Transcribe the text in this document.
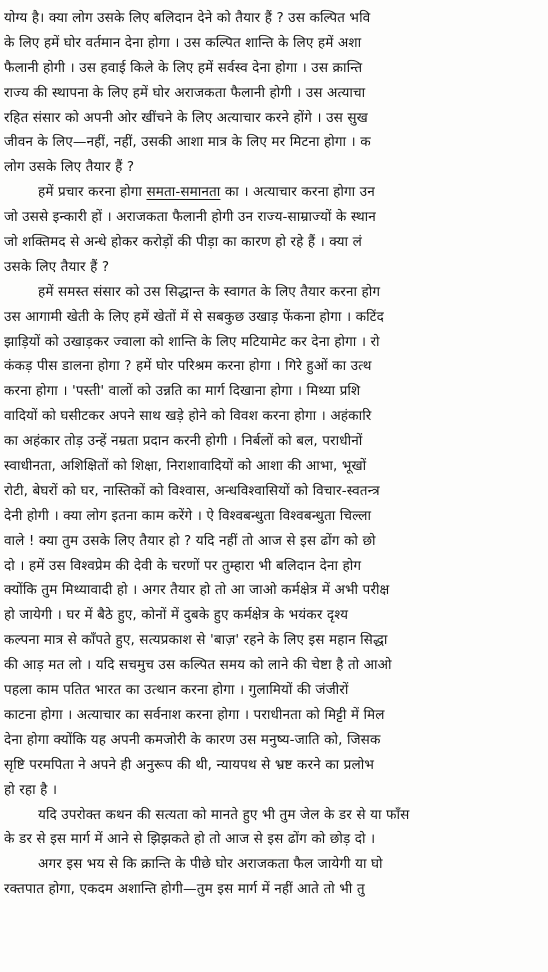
योग्य है। क्या लोग उसके लिए बलिदान देने को तैयार हैं ? उस कल्पित भवि
के लिए हमें घोर वर्तमान देना होगा । उस कल्पित शान्ति के लिए हमें अशा
फैलानी होगी । उस हवाई किले के लिए हमें सर्वस्व देना होगा । उस क्रान्ति
राज्य की स्थापना के लिए हमें घोर अराजकता फैलानी होगी । उस अत्याचा
रहित संसार को अपनी ओर खींचने के लिए अत्याचार करने होंगे । उस सुख
जीवन के लिए—नहीं, नहीं, उसकी आशा मात्र के लिए मर मिटना होगा । क
लोग उसके लिए तैयार हैं ?
हमें प्रचार करना होगा समता-समानता का । अत्याचार करना होगा उन
जो उससे इन्कारी हों । अराजकता फैलानी होगी उन राज्य-साम्राज्यों के स्थान
जो शक्तिमद से अन्धे होकर करोड़ों की पीड़ा का कारण हो रहे हैं । क्या लं
उसके लिए तैयार हैं ?
हमें समस्त संसार को उस सिद्धान्त के स्वागत के लिए तैयार करना होग
उस आगामी खेती के लिए हमें खेतों में से सबकुछ उखाड़ फेंकना होगा । कटिंद
झाड़ियों को उखाड़कर ज्वाला को शान्ति के लिए मटियामेट कर देना होगा । रो
कंकड़ पीस डालना होगा ? हमें घोर परिश्रम करना होगा । गिरे हुओं का उत्थ
करना होगा । 'पस्ती' वालों को उन्नति का मार्ग दिखाना होगा । मिथ्या प्रशि
वादियों को घसीटकर अपने साथ खड़े होने को विवश करना होगा । अहंकारि
का अहंकार तोड़ उन्हें नम्रता प्रदान करनी होगी । निर्बलों को बल, पराधीनों
स्वाधीनता, अशिक्षितों को शिक्षा, निराशावादियों को आशा की आभा, भूखों
रोटी, बेघरों को घर, नास्तिकों को विश्वास, अन्धविश्वासियों को विचार-स्वतन्त्र
देनी होगी । क्या लोग इतना काम करेंगे । ऐ विश्वबन्धुता विश्वबन्धुता चिल्ला
वाले ! क्या तुम उसके लिए तैयार हो ? यदि नहीं तो आज से इस ढोंग को छो
दो । हमें उस विश्वप्रेम की देवी के चरणों पर तुम्हारा भी बलिदान देना होग
क्योंकि तुम मिथ्यावादी हो । अगर तैयार हो तो आ जाओ कर्मक्षेत्र में अभी परीक्ष
हो जायेगी । घर में बैठे हुए, कोनों में दुबके हुए कर्मक्षेत्र के भयंकर दृश्य
कल्पना मात्र से काँपते हुए, सत्यप्रकाश से 'बाज़' रहने के लिए इस महान सिद्धा
की आड़ मत लो । यदि सचमुच उस कल्पित समय को लाने की चेष्टा है तो आओ
पहला काम पतित भारत का उत्थान करना होगा । गुलामियों की जंजीरों
काटना होगा । अत्याचार का सर्वनाश करना होगा । पराधीनता को मिट्टी में मिल
देना होगा क्योंकि यह अपनी कमजोरी के कारण उस मनुष्य-जाति को, जिसक
सृष्टि परमपिता ने अपने ही अनुरूप की थी, न्यायपथ से भ्रष्ट करने का प्रलोभ
हो रहा है ।
यदि उपरोक्त कथन की सत्यता को मानते हुए भी तुम जेल के डर से या फाँस
के डर से इस मार्ग में आने से झिझकते हो तो आज से इस ढोंग को छोड़ दो ।
अगर इस भय से कि क्रान्ति के पीछे घोर अराजकता फैल जायेगी या घो
रक्तपात होगा, एकदम अशान्ति होगी—तुम इस मार्ग में नहीं आते तो भी तु
